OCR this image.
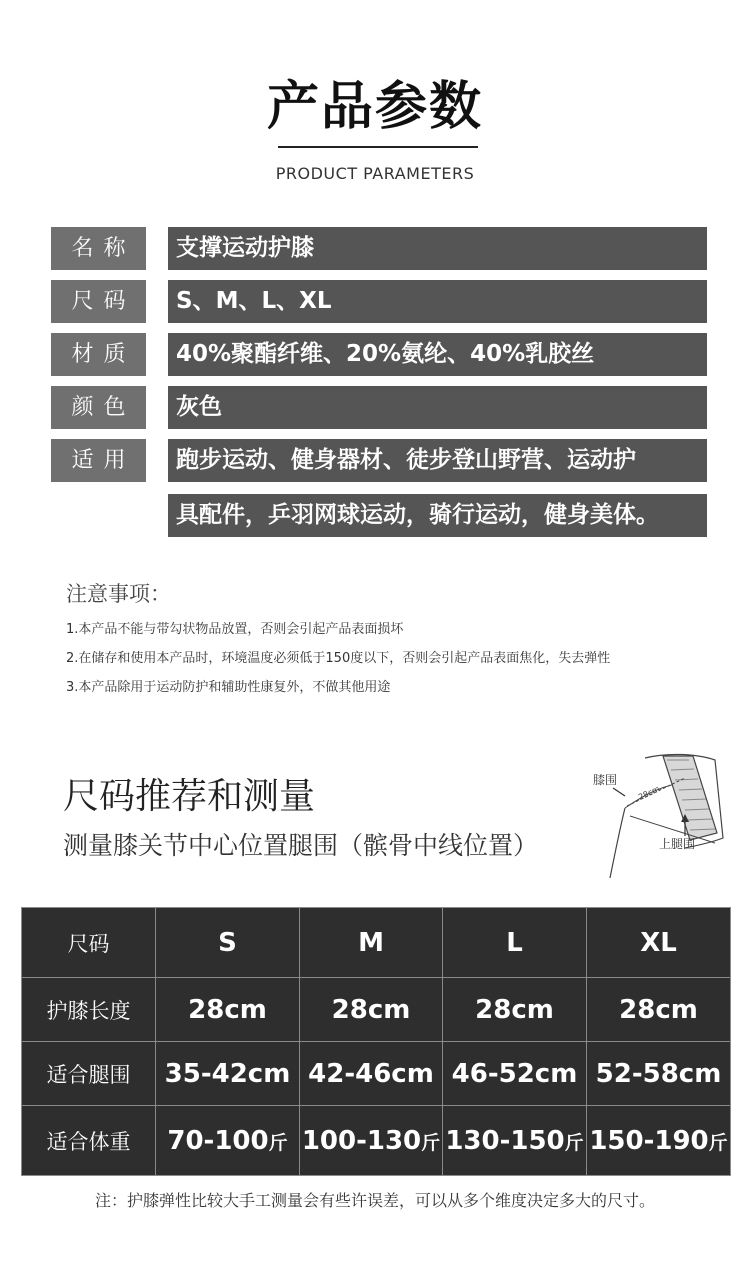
产品参数
PRODUCT PARAMETERS
名称	支撑运动护膝
尺码	S、M、L、XL
材质	40%聚酯纤维、20%氨纶、40%乳胶丝
颜色	灰色
适用	跑步运动、健身器材、徒步登山野营、运动护
具配件，乒羽网球运动，骑行运动，健身美体。
注意事项：
1.本产品不能与带勾状物品放置，否则会引起产品表面损坏
2.在储存和使用本产品时，环境温度必须低于150度以下，否则会引起产品表面焦化，失去弹性
3.本产品除用于运动防护和辅助性康复外，不做其他用途
尺码推荐和测量
测量膝关节中心位置腿围（髌骨中线位置）
28cm
膝围
上腿围
尺码	S	M	L	XL
护膝长度	28cm	28cm	28cm	28cm
适合腿围	35-42cm	42-46cm	46-52cm	52-58cm
适合体重	70-100斤	100-130斤	130-150斤	150-190斤
注：护膝弹性比较大手工测量会有些许误差，可以从多个维度决定多大的尺寸。
